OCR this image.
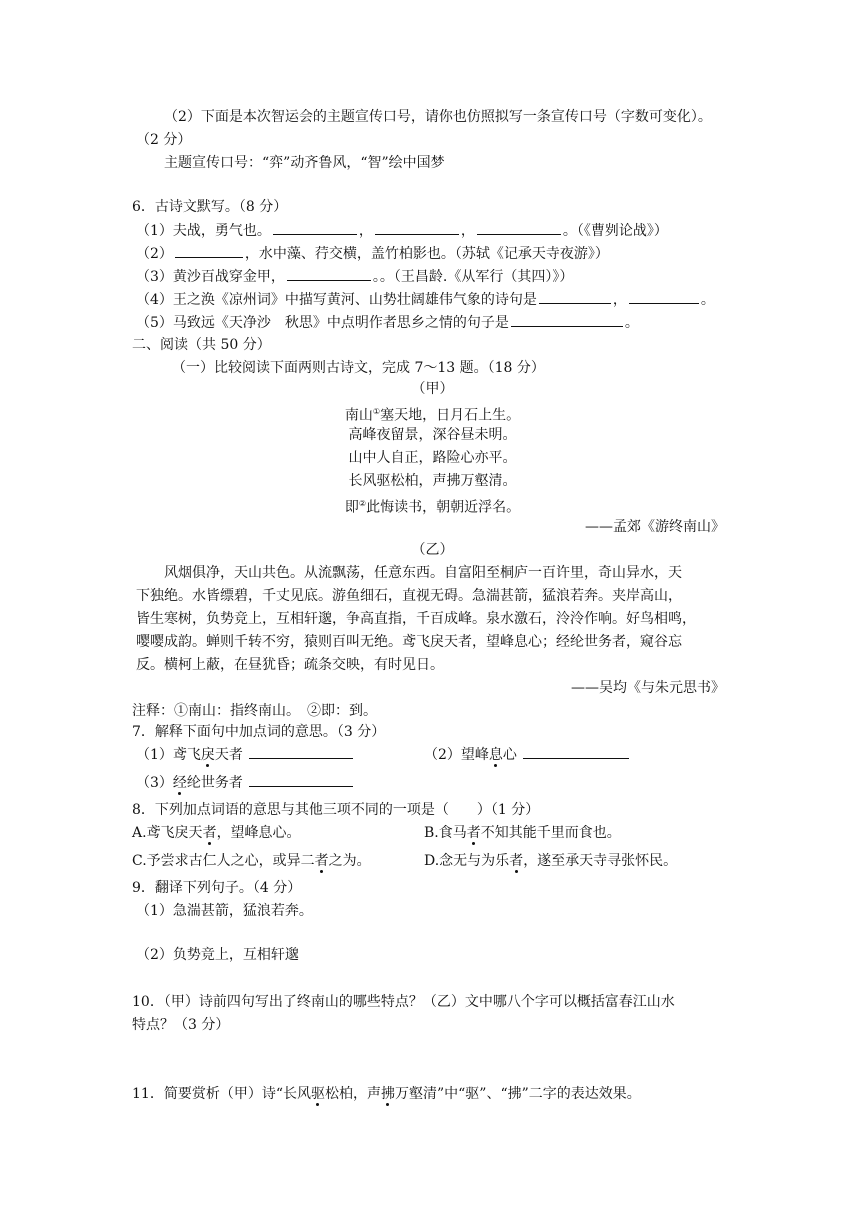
（2）下面是本次智运会的主题宣传口号，请你也仿照拟写一条宣传口号（字数可变化）。
（2 分）
主题宣传口号：“弈”动齐鲁风，“智”绘中国梦
6．古诗文默写。（8 分）
（1）夫战，勇气也。	，	，	。（《曹刿论战》）
（2）	，水中藻、荇交横，盖竹柏影也。（苏轼《记承天寺夜游》）
（3）黄沙百战穿金甲，	。。（王昌龄.《从军行（其四）》）
（4）王之涣《凉州词》中描写黄河、山势壮阔雄伟气象的诗句是	，	。
（5）马致远《天净沙　秋思》中点明作者思乡之情的句子是	。
二、阅读（共 50 分）
（一）比较阅读下面两则古诗文，完成 7～13 题。（18 分）
（甲）
南山①塞天地，日月石上生。
高峰夜留景，深谷昼未明。
山中人自正，路险心亦平。
长风驱松柏，声拂万壑清。
即②此悔读书，朝朝近浮名。
——孟郊《游终南山》
（乙）
风烟俱净，天山共色。从流飘荡，任意东西。自富阳至桐庐一百许里，奇山异水，天
下独绝。水皆缥碧，千丈见底。游鱼细石，直视无碍。急湍甚箭，猛浪若奔。夹岸高山，
皆生寒树，负势竞上，互相轩邈，争高直指，千百成峰。泉水激石，泠泠作响。好鸟相鸣，
嘤嘤成韵。蝉则千转不穷，猿则百叫无绝。鸢飞戾天者，望峰息心；经纶世务者，窥谷忘
反。横柯上蔽，在昼犹昏；疏条交映，有时见日。
——吴均《与朱元思书》
注释：①南山：指终南山。　②即：到。
7．解释下面句中加点词的意思。（3 分）
（1）鸢飞戾天者	（2）望峰息心
（3）经纶世务者
8．下列加点词语的意思与其他三项不同的一项是（　　）（1 分）
A.鸢飞戾天者，望峰息心。	B.食马者不知其能千里而食也。
C.予尝求古仁人之心，或异二者之为。	D.念无与为乐者，遂至承天寺寻张怀民。
9．翻译下列句子。（4 分）
（1）急湍甚箭，猛浪若奔。
（2）负势竞上，互相轩邈
10．（甲）诗前四句写出了终南山的哪些特点？（乙）文中哪八个字可以概括富春江山水
特点？（3 分）
11．简要赏析（甲）诗“长风驱松柏，声拂万壑清”中“驱”、“拂”二字的表达效果。
